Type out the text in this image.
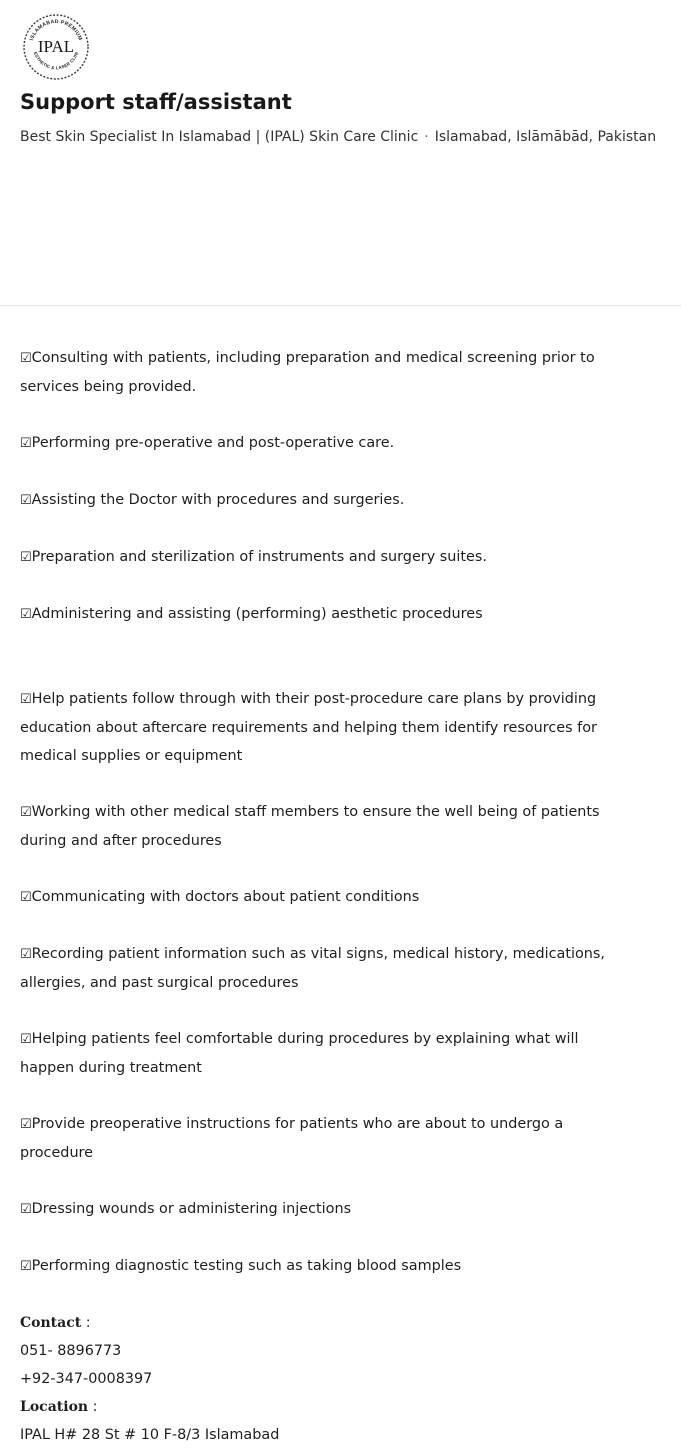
ISLAMABAD PREMIUM
IPAL
ESTHETIC & LASER CLINI
Support staff/assistant
Best Skin Specialist In Islamabad | (IPAL) Skin Care Clinic · Islamabad, Islāmābād, Pakistan

☑Consulting with patients, including preparation and medical screening prior to services being provided.

☑Performing pre-operative and post-operative care.

☑Assisting the Doctor with procedures and surgeries.

☑Preparation and sterilization of instruments and surgery suites.

☑Administering and assisting (performing) aesthetic procedures

☑Help patients follow through with their post-procedure care plans by providing education about aftercare requirements and helping them identify resources for medical supplies or equipment

☑Working with other medical staff members to ensure the well being of patients during and after procedures

☑Communicating with doctors about patient conditions

☑Recording patient information such as vital signs, medical history, medications, allergies, and past surgical procedures

☑Helping patients feel comfortable during procedures by explaining what will happen during treatment

☑Provide preoperative instructions for patients who are about to undergo a procedure

☑Dressing wounds or administering injections

☑Performing diagnostic testing such as taking blood samples

Contact :

051- 8896773

+92-347-0008397

Location :

IPAL H# 28 St # 10 F-8/3 Islamabad
